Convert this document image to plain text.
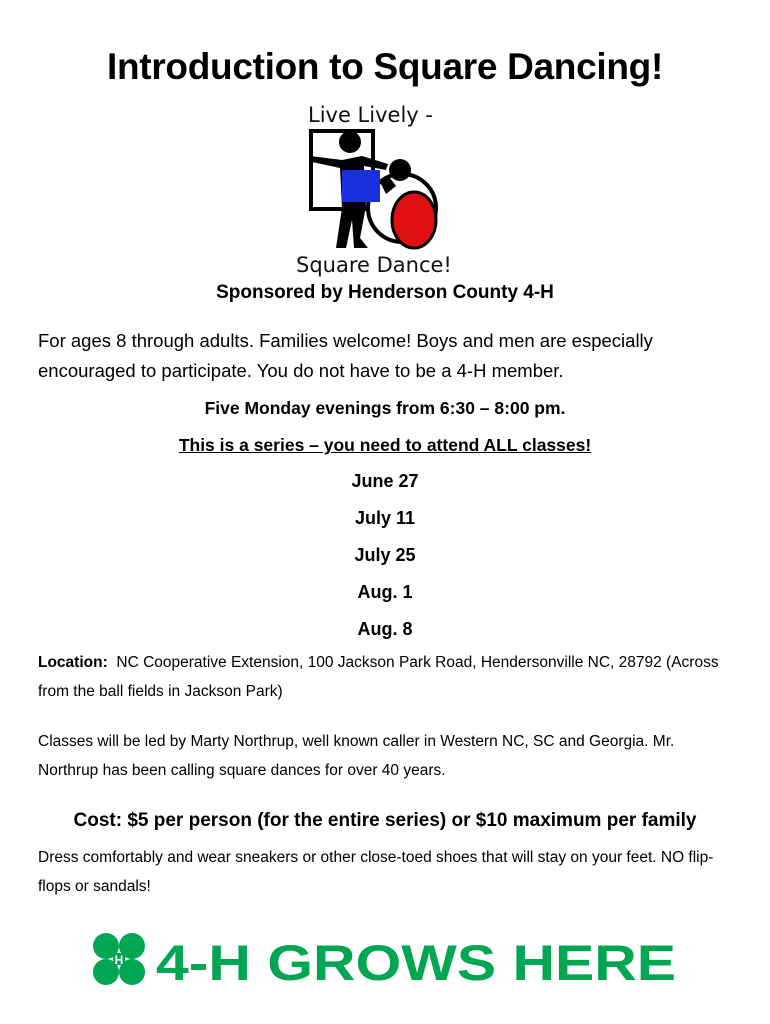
Introduction to Square Dancing!
Live Lively -
Square Dance!
Sponsored by Henderson County 4-H
For ages 8 through adults. Families welcome! Boys and men are especially encouraged to participate. You do not have to be a 4-H member.
Five Monday evenings from 6:30 – 8:00 pm.
This is a series – you need to attend ALL classes!
June 27
July 11
July 25
Aug. 1
Aug. 8
Location: NC Cooperative Extension, 100 Jackson Park Road, Hendersonville NC, 28792 (Across from the ball fields in Jackson Park)
Classes will be led by Marty Northrup, well known caller in Western NC, SC and Georgia. Mr. Northrup has been calling square dances for over 40 years.
Cost: $5 per person (for the entire series) or $10 maximum per family
Dress comfortably and wear sneakers or other close-toed shoes that will stay on your feet. NO flip-flops or sandals!
H 4-H GROWS HERE
